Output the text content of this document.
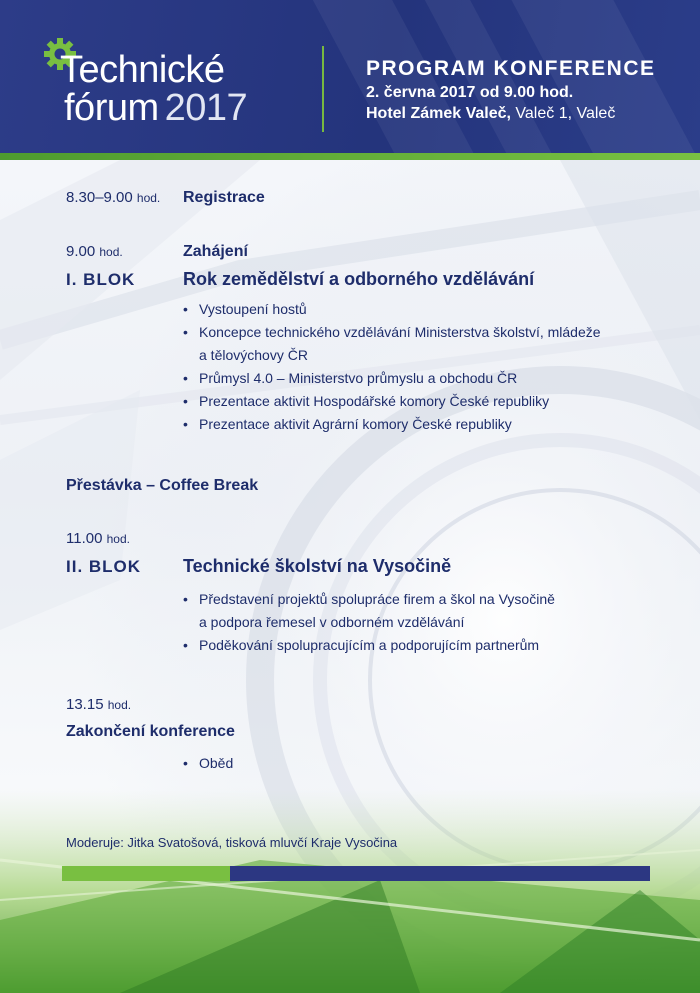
Technické
fórum 2017
PROGRAM KONFERENCE
2. června 2017 od 9.00 hod.
Hotel Zámek Valeč, Valeč 1, Valeč
8.30–9.00 hod. Registrace
9.00 hod.	Zahájení
I. BLOK	Rok zemědělství a odborného vzdělávání
• Vystoupení hostů
• Koncepce technického vzdělávání Ministerstva školství, mládeže
a tělovýchovy ČR
• Průmysl 4.0 – Ministerstvo průmyslu a obchodu ČR
• Prezentace aktivit Hospodářské komory České republiky
• Prezentace aktivit Agrární komory České republiky
Přestávka – Coffee Break
11.00 hod.
II. BLOK Technické školství na Vysočině
• Představení projektů spolupráce firem a škol na Vysočině
a podpora řemesel v odborném vzdělávání
• Poděkování spolupracujícím a podporujícím partnerům
13.15 hod.
Zakončení konference
• Oběd
Moderuje: Jitka Svatošová, tisková mluvčí Kraje Vysočina
